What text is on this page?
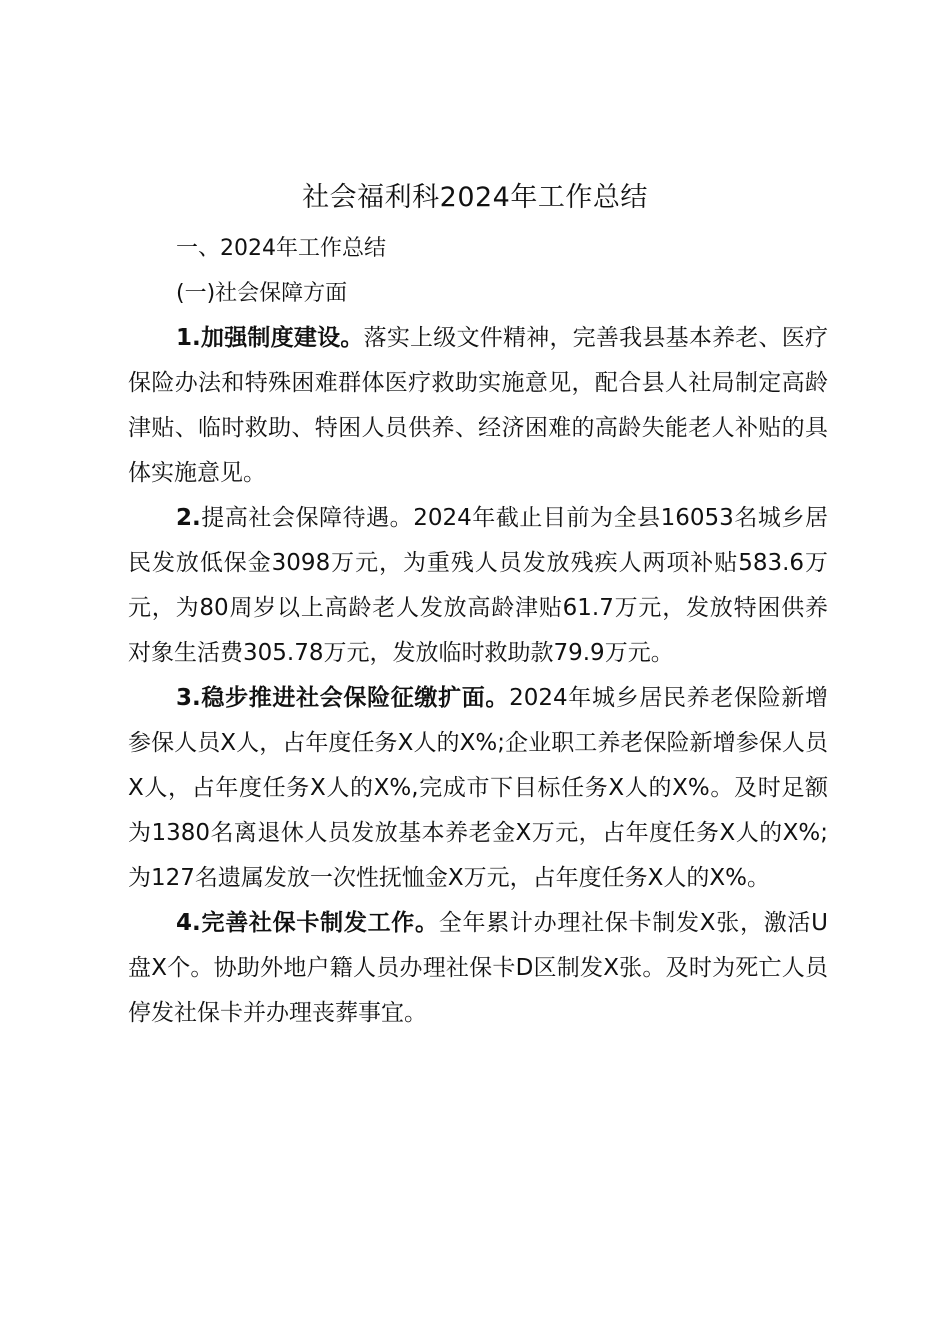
社会福利科2024年工作总结

一、2024年工作总结

(一)社会保障方面

1.加强制度建设。落实上级文件精神，完善我县基本养老、医疗保险办法和特殊困难群体医疗救助实施意见，配合县人社局制定高龄津贴、临时救助、特困人员供养、经济困难的高龄失能老人补贴的具体实施意见。

2.提高社会保障待遇。2024年截止目前为全县16053名城乡居民发放低保金3098万元，为重残人员发放残疾人两项补贴583.6万元，为80周岁以上高龄老人发放高龄津贴61.7万元，发放特困供养对象生活费305.78万元，发放临时救助款79.9万元。

3.稳步推进社会保险征缴扩面。2024年城乡居民养老保险新增参保人员X人，占年度任务X人的X%;企业职工养老保险新增参保人员X人，占年度任务X人的X%,完成市下目标任务X人的X%。及时足额为1380名离退休人员发放基本养老金X万元，占年度任务X人的X%;为127名遗属发放一次性抚恤金X万元，占年度任务X人的X%。

4.完善社保卡制发工作。全年累计办理社保卡制发X张，激活U盘X个。协助外地户籍人员办理社保卡D区制发X张。及时为死亡人员停发社保卡并办理丧葬事宜。
